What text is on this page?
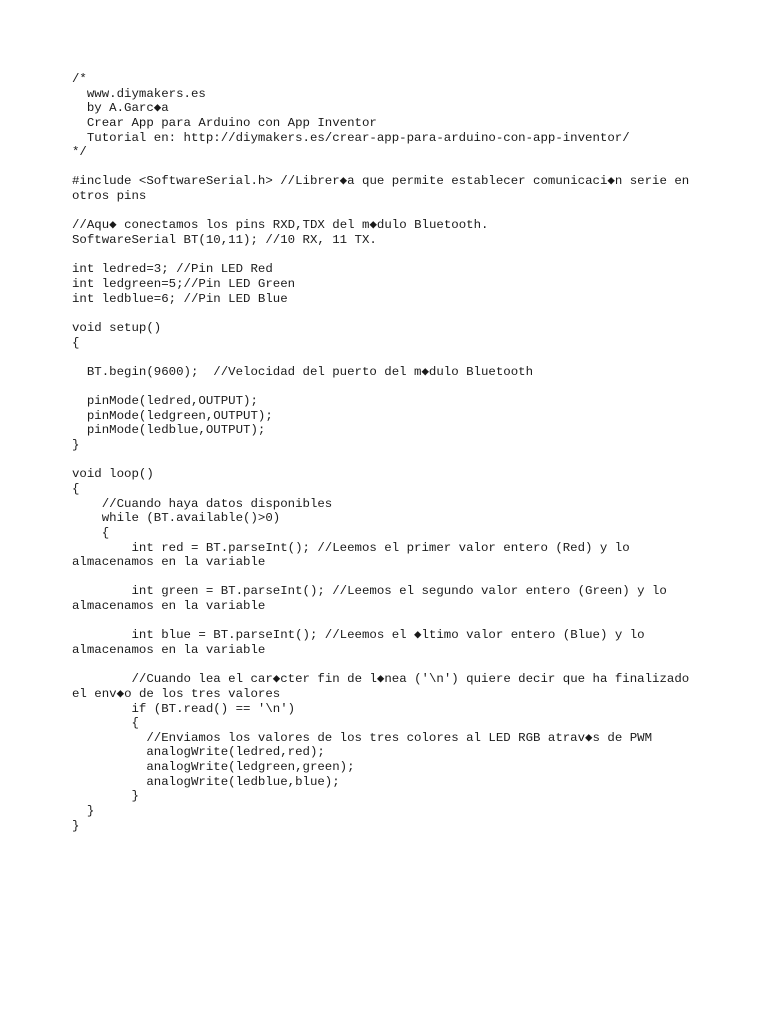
/*
www.diymakers.es
by A.Garc◆a
Crear App para Arduino con App Inventor
Tutorial en: http://diymakers.es/crear-app-para-arduino-con-app-inventor/
*/
#include <SoftwareSerial.h> //Librer◆a que permite establecer comunicaci◆n serie en
otros pins
//Aqu◆ conectamos los pins RXD,TDX del m◆dulo Bluetooth.
SoftwareSerial BT(10,11); //10 RX, 11 TX.
int ledred=3; //Pin LED Red
int ledgreen=5;//Pin LED Green
int ledblue=6; //Pin LED Blue
void setup()
{
BT.begin(9600);  //Velocidad del puerto del m◆dulo Bluetooth
pinMode(ledred,OUTPUT);
pinMode(ledgreen,OUTPUT);
pinMode(ledblue,OUTPUT);
}
void loop()
{
//Cuando haya datos disponibles
while (BT.available()>0)
{
int red = BT.parseInt(); //Leemos el primer valor entero (Red) y lo
almacenamos en la variable
int green = BT.parseInt(); //Leemos el segundo valor entero (Green) y lo
almacenamos en la variable
int blue = BT.parseInt(); //Leemos el ◆ltimo valor entero (Blue) y lo
almacenamos en la variable
//Cuando lea el car◆cter fin de l◆nea ('\n') quiere decir que ha finalizado
el env◆o de los tres valores
if (BT.read() == '\n')
{
//Enviamos los valores de los tres colores al LED RGB atrav◆s de PWM
analogWrite(ledred,red);
analogWrite(ledgreen,green);
analogWrite(ledblue,blue);
}
}
}
